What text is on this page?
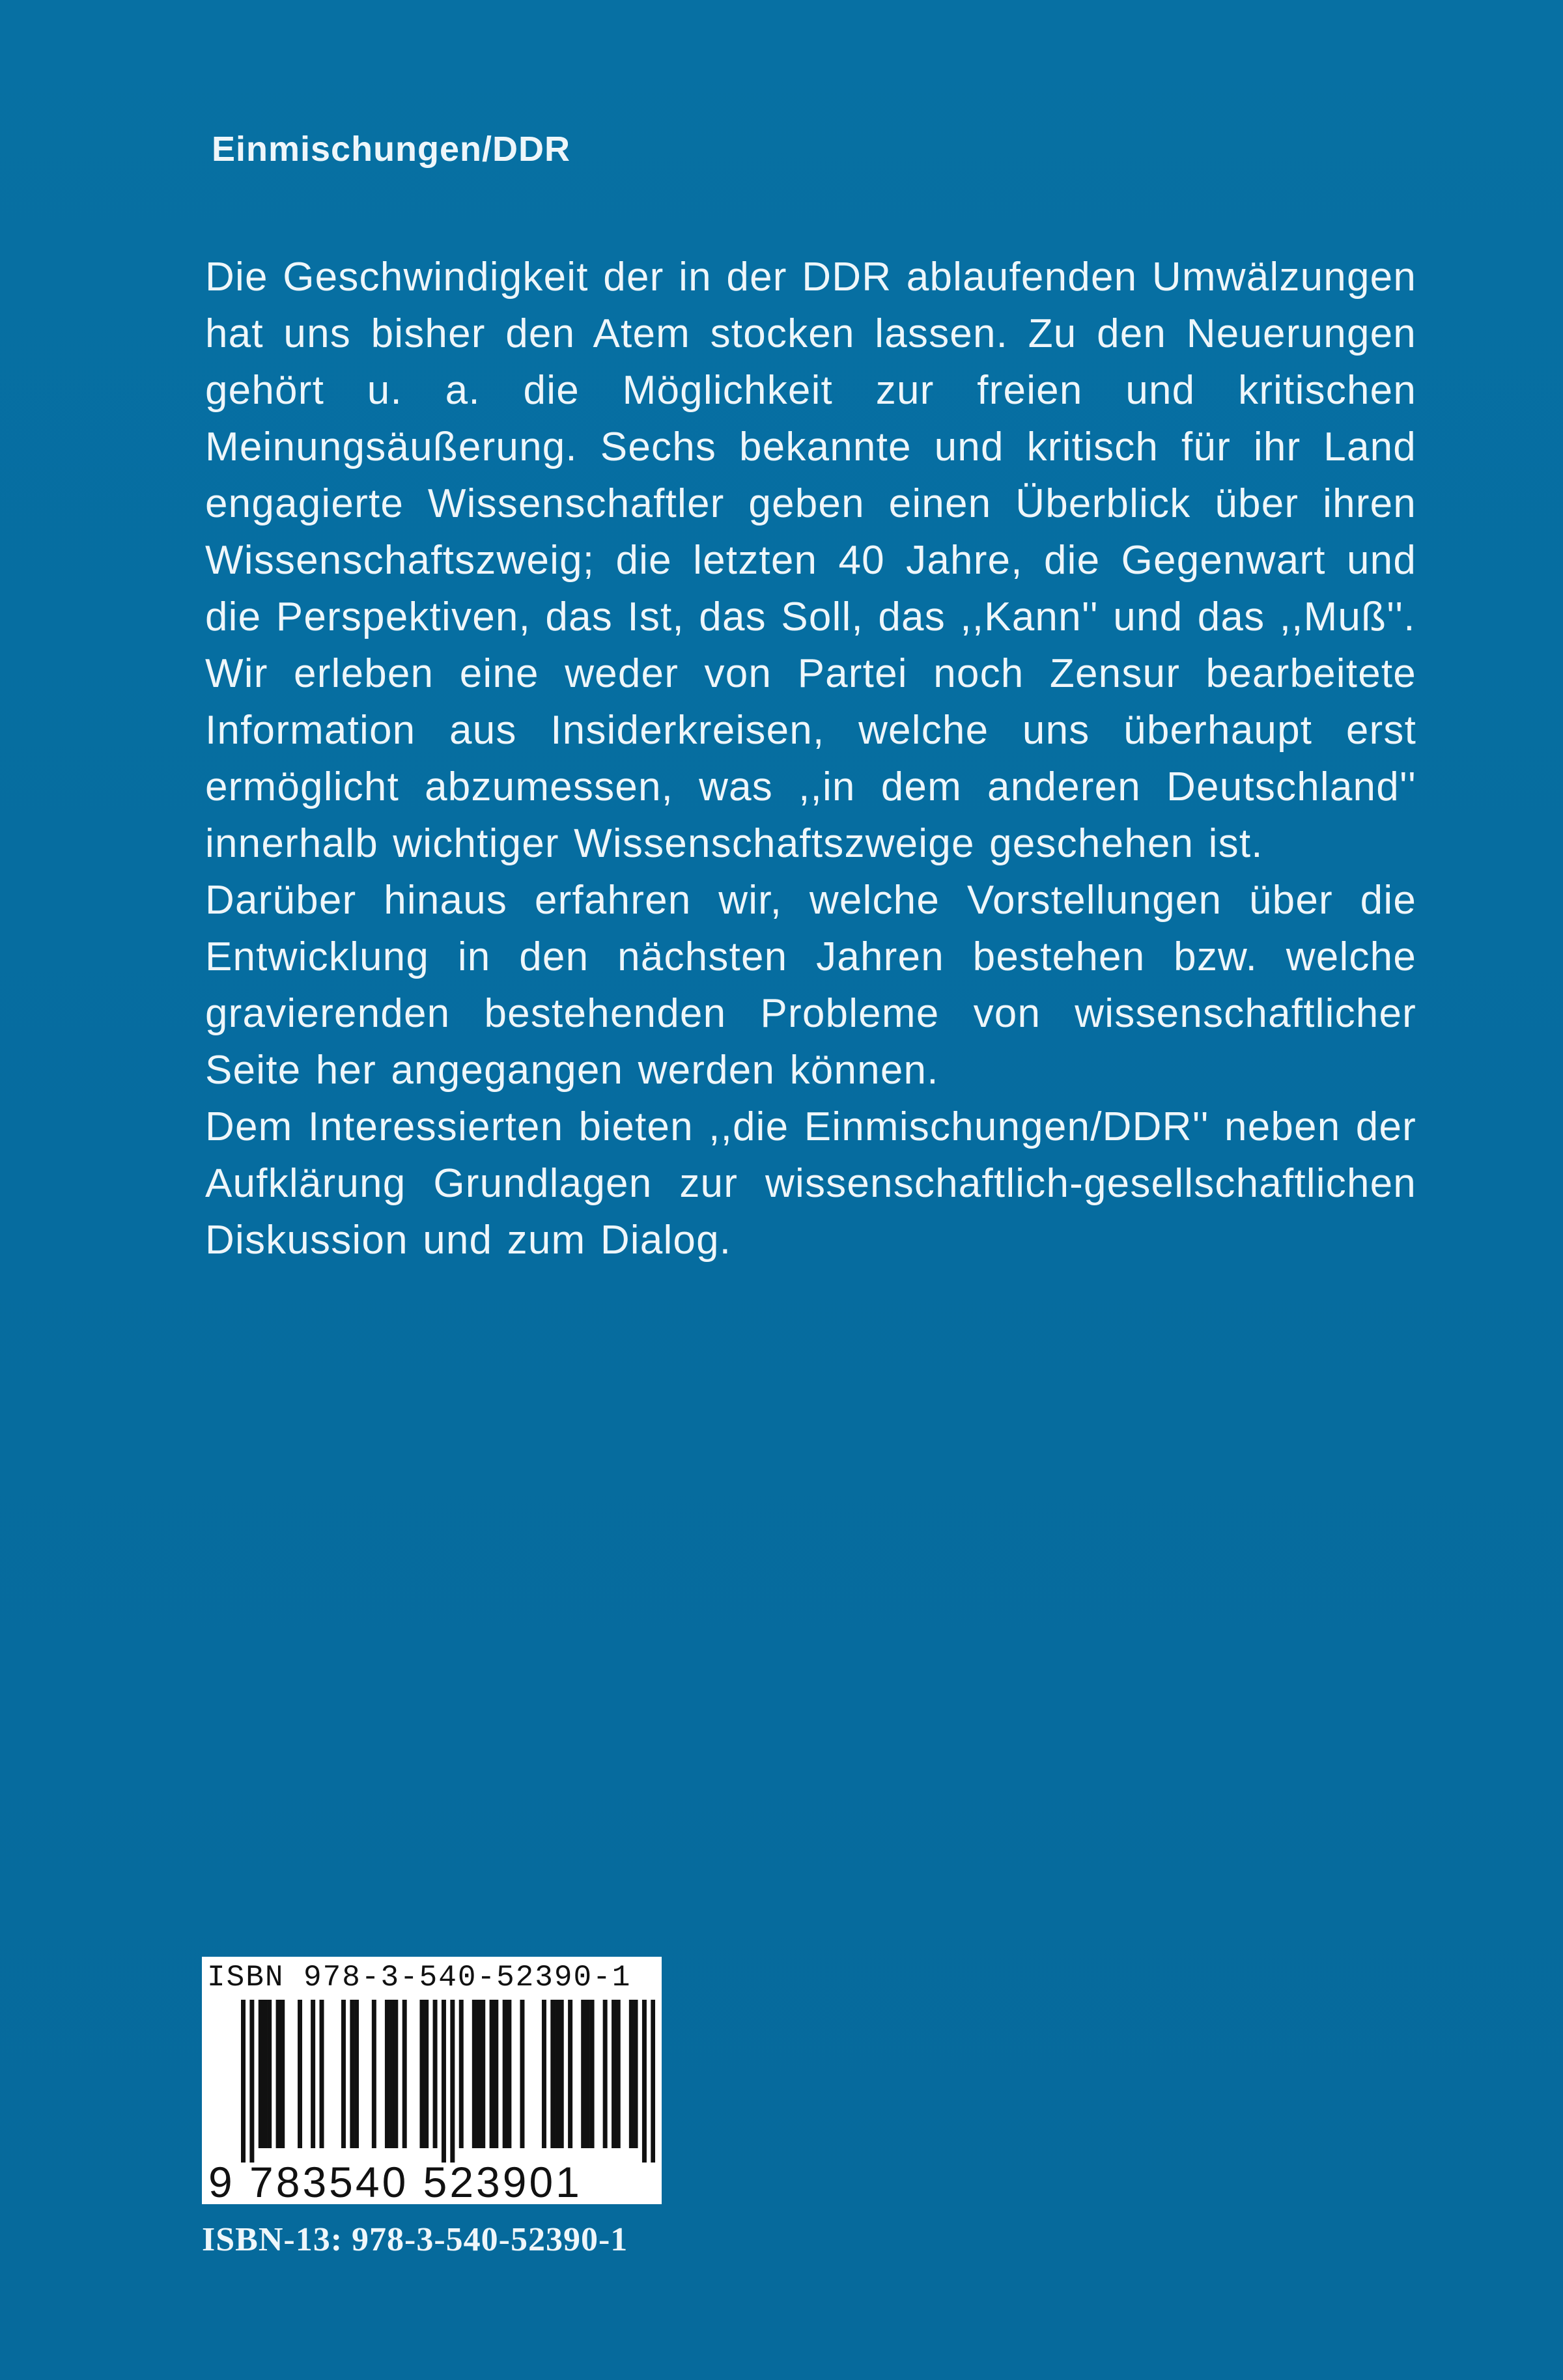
Einmischungen/DDR

Die Geschwindigkeit der in der DDR ablaufenden Umwälzungen hat uns bisher den Atem stocken lassen. Zu den Neuerungen gehört u. a. die Möglichkeit zur freien und kritischen Meinungsäußerung. Sechs bekannte und kritisch für ihr Land engagierte Wissenschaftler geben einen Überblick über ihren Wissenschaftszweig; die letzten 40 Jahre, die Gegenwart und die Perspektiven, das Ist, das Soll, das ,,Kann'' und das ,,Muß''.

Wir erleben eine weder von Partei noch Zensur bearbeitete Information aus Insiderkreisen, welche uns überhaupt erst ermöglicht abzumessen, was ,,in dem anderen Deutschland'' innerhalb wichtiger Wissenschaftszweige geschehen ist.

Darüber hinaus erfahren wir, welche Vorstellungen über die Entwicklung in den nächsten Jahren bestehen bzw. welche gravierenden bestehenden Probleme von wissenschaftlicher Seite her angegangen werden können.

Dem Interessierten bieten ,,die Einmischungen/DDR'' neben der Aufklärung Grundlagen zur wissenschaftlich-gesellschaftlichen Diskussion und zum Dialog.

ISBN 978-3-540-52390-1
9 783540 523901
ISBN-13: 978-3-540-52390-1
